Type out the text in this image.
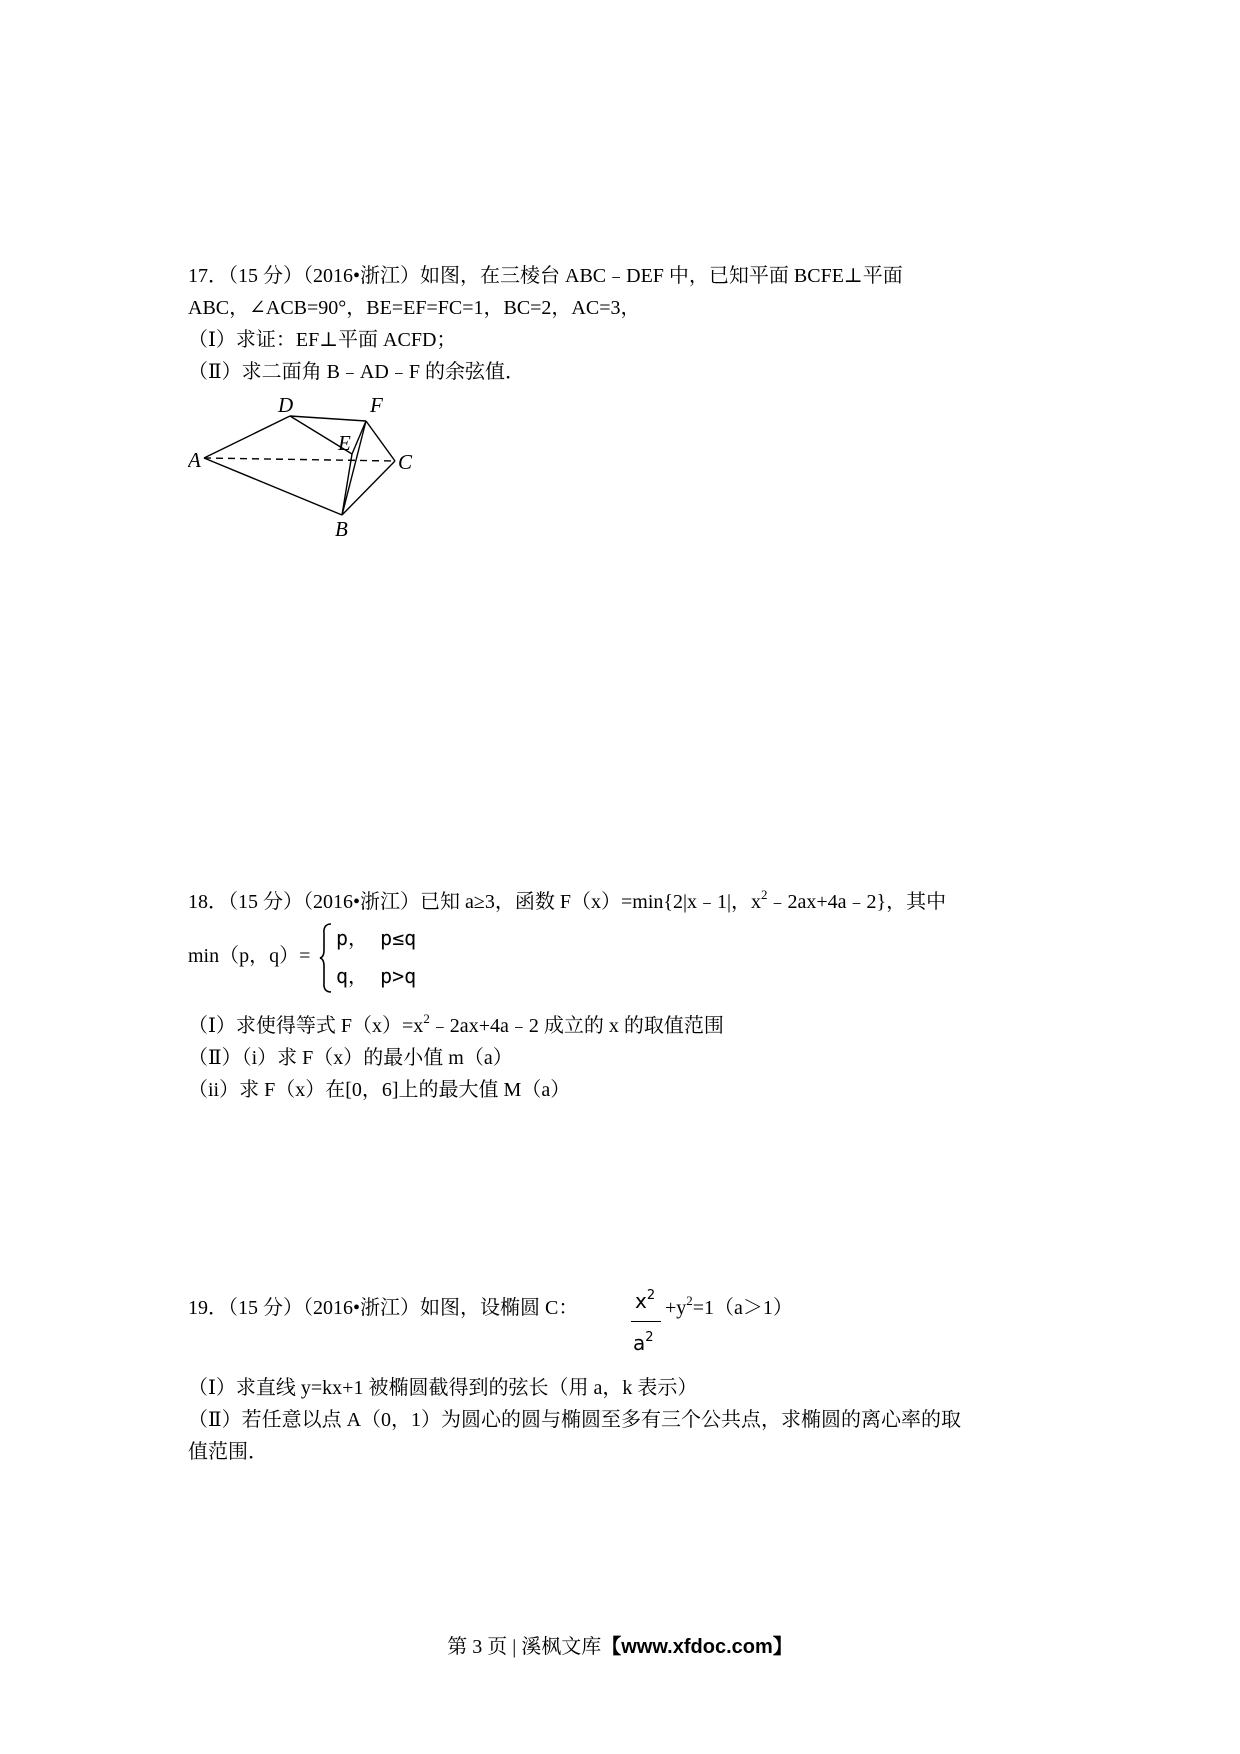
17．（15 分）（2016•浙江）如图，在三棱台 ABC﹣DEF 中，已知平面 BCFE⊥平面
ABC，∠ACB=90°，BE=EF=FC=1，BC=2，AC=3，
（Ⅰ）求证：EF⊥平面 ACFD；
（Ⅱ）求二面角 B﹣AD﹣F 的余弦值．
A
B
C
D
E
F
18．（15 分）（2016•浙江）已知 a≥3，函数 F（x）=min{2|x﹣1|，$x^2﹣2ax+4a﹣2$}，其中
min（p，q）=
p， p≤q
q， p>q
（Ⅰ）求使得等式 $F(x)=x^2﹣2ax+4a﹣2$ 成立的 x 的取值范围
（Ⅱ）（i）求 F（x）的最小值 m（a）
（ii）求 F（x）在[0，6]上的最大值 M（a）
19．（15 分）（2016•浙江）如图，设椭圆 C：	$x^2$
$a^2$
$+y^2=1(a>1)$
（Ⅰ）求直线 y=kx+1 被椭圆截得到的弦长（用 a，k 表示）
（Ⅱ）若任意以点 A（0，1）为圆心的圆与椭圆至多有三个公共点，求椭圆的离心率的取
值范围．
第 3 页 | 溪枫文库【www.xfdoc.com】
